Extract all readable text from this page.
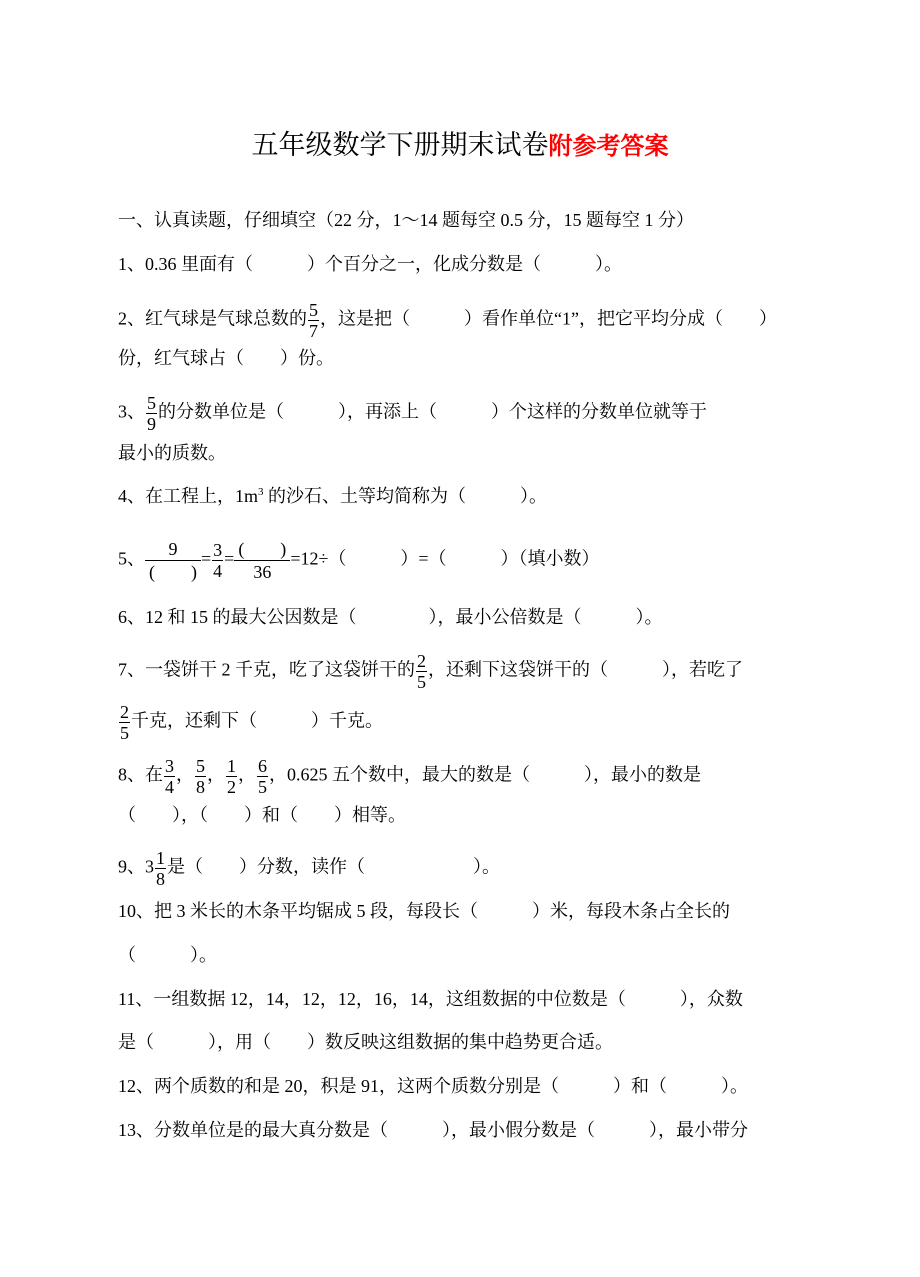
五年级数学下册期末试卷附参考答案
一、认真读题，仔细填空（22 分，1～14 题每空 0.5 分，15 题每空 1 分）
1、0.36 里面有（　　　）个百分之一，化成分数是（　　　）。
2、红气球是气球总数的 $\frac{5}{7}$ ，这是把（　　　）看作单位“1”，把它平均分成（　　）
份，红气球占（　　）份。
3、 $\frac{5}{9}$ 的分数单位是（　　　），再添上（　　　）个这样的分数单位就等于
最小的质数。
4、在工程上，$1m^3$ 的沙石、土等均简称为（　　　）。
5、 $\frac{9}{( )} = \frac{3}{4} = \frac{( )}{36} =12\div$（　　　）=（　　　）（填小数）
6、12 和 15 的最大公因数是（　　　　），最小公倍数是（　　　）。
7、一袋饼干 2 千克，吃了这袋饼干的 $\frac{2}{5}$ ，还剩下这袋饼干的（　　　），若吃了
$\frac{2}{5}$ 千克，还剩下（　　　）千克。
8、在 $\frac{3}{4}$ ， $\frac{5}{8}$ ， $\frac{1}{2}$ ， $\frac{6}{5}$ ，0.625 五个数中，最大的数是（　　　），最小的数是
（　　），（　　）和（　　）相等。
9、$3 \frac{1}{8}$ 是（　　）分数，读作（　　　　　　）。
10、把 3 米长的木条平均锯成 5 段，每段长（　　　）米，每段木条占全长的
（　　　）。
11、一组数据 12，14，12，12，16，14，这组数据的中位数是（　　　），众数
是（　　　），用（　　）数反映这组数据的集中趋势更合适。
12、两个质数的和是 20，积是 91，这两个质数分别是（　　　）和（　　　）。
13、分数单位是的最大真分数是（　　　），最小假分数是（　　　），最小带分
